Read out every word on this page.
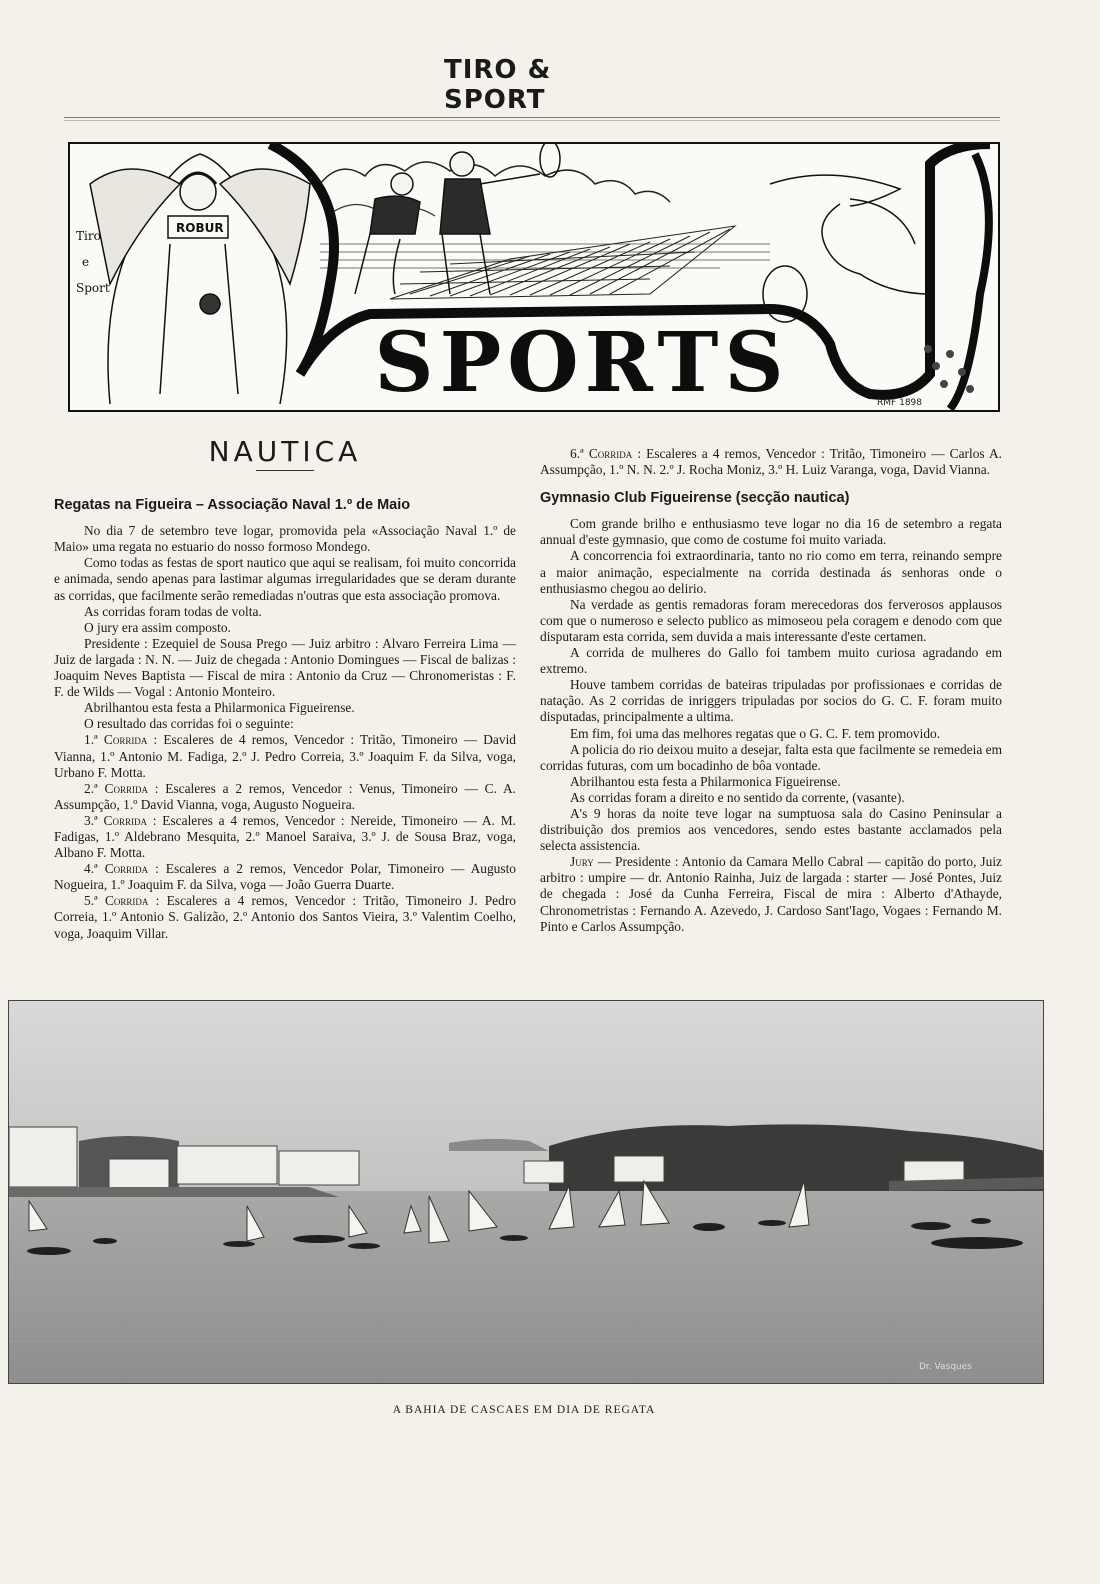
TIRO & SPORT
ROBUR
Tiro
e
Sport
SPORTS	RMF 1898
NAUTICA
Regatas na Figueira – Associação Naval 1.º de Maio

No dia 7 de setembro teve logar, promovida pela «Associação Naval 1.º de Maio» uma regata no estuario do nosso formoso Mondego.

Como todas as festas de sport nautico que aqui se realisam, foi muito concorrida e animada, sendo apenas para lastimar algumas irregularidades que se deram durante as corridas, que facilmente serão remediadas n'outras que esta associação promova.

As corridas foram todas de volta.

O jury era assim composto.

Presidente : Ezequiel de Sousa Prego — Juiz arbitro : Alvaro Ferreira Lima — Juiz de largada : N. N. — Juiz de chegada : Antonio Domingues — Fiscal de balizas : Joaquim Neves Baptista — Fiscal de mira : Antonio da Cruz — Chronomeristas : F. F. de Wilds — Vogal : Antonio Monteiro.

Abrilhantou esta festa a Philarmonica Figueirense.

O resultado das corridas foi o seguinte:

1.ª Corrida : Escaleres de 4 remos, Vencedor : Tritão, Timoneiro — David Vianna, 1.º Antonio M. Fadiga, 2.º J. Pedro Correia, 3.º Joaquim F. da Silva, voga, Urbano F. Motta.

2.ª Corrida : Escaleres a 2 remos, Vencedor : Venus, Timoneiro — C. A. Assumpção, 1.º David Vianna, voga, Augusto Nogueira.

3.ª Corrida : Escaleres a 4 remos, Vencedor : Nereide, Timoneiro — A. M. Fadigas, 1.º Aldebrano Mesquita, 2.º Manoel Saraiva, 3.º J. de Sousa Braz, voga, Albano F. Motta.

4.ª Corrida : Escaleres a 2 remos, Vencedor Polar, Timoneiro — Augusto Nogueira, 1.º Joaquim F. da Silva, voga — João Guerra Duarte.

5.ª Corrida : Escaleres a 4 remos, Vencedor : Tritão, Timoneiro J. Pedro Correia, 1.º Antonio S. Galizão, 2.º Antonio dos Santos Vieira, 3.º Valentim Coelho, voga, Joaquim Villar.

6.ª Corrida : Escaleres a 4 remos, Vencedor : Tritão, Timoneiro — Carlos A. Assumpção, 1.º N. N. 2.º J. Rocha Moniz, 3.º H. Luiz Varanga, voga, David Vianna.

Gymnasio Club Figueirense (secção nautica)

Com grande brilho e enthusiasmo teve logar no dia 16 de setembro a regata annual d'este gymnasio, que como de costume foi muito variada.

A concorrencia foi extraordinaria, tanto no rio como em terra, reinando sempre a maior animação, especialmente na corrida destinada ás senhoras onde o enthusiasmo chegou ao delirio.

Na verdade as gentis remadoras foram merecedoras dos ferverosos applausos com que o numeroso e selecto publico as mimoseou pela coragem e denodo com que disputaram esta corrida, sem duvida a mais interessante d'este certamen.

A corrida de mulheres do Gallo foi tambem muito curiosa agradando em extremo.

Houve tambem corridas de bateiras tripuladas por profissionaes e corridas de natação. As 2 corridas de inriggers tripuladas por socios do G. C. F. foram muito disputadas, principalmente a ultima.

Em fim, foi uma das melhores regatas que o G. C. F. tem promovido.

A policia do rio deixou muito a desejar, falta esta que facilmente se remedeia em corridas futuras, com um bocadinho de bôa vontade.

Abrilhantou esta festa a Philarmonica Figueirense.

As corridas foram a direito e no sentido da corrente, (vasante).

A's 9 horas da noite teve logar na sumptuosa sala do Casino Peninsular a distribuição dos premios aos vencedores, sendo estes bastante acclamados pela selecta assistencia.

Jury — Presidente : Antonio da Camara Mello Cabral — capitão do porto, Juiz arbitro : umpire — dr. Antonio Rainha, Juiz de largada : starter — José Pontes, Juiz de chegada : José da Cunha Ferreira, Fiscal de mira : Alberto d'Athayde, Chronometristas : Fernando A. Azevedo, J. Cardoso Sant'Iago, Vogaes : Fernando M. Pinto e Carlos Assumpção.

Dr. Vasques
A BAHIA DE CASCAES EM DIA DE REGATA
